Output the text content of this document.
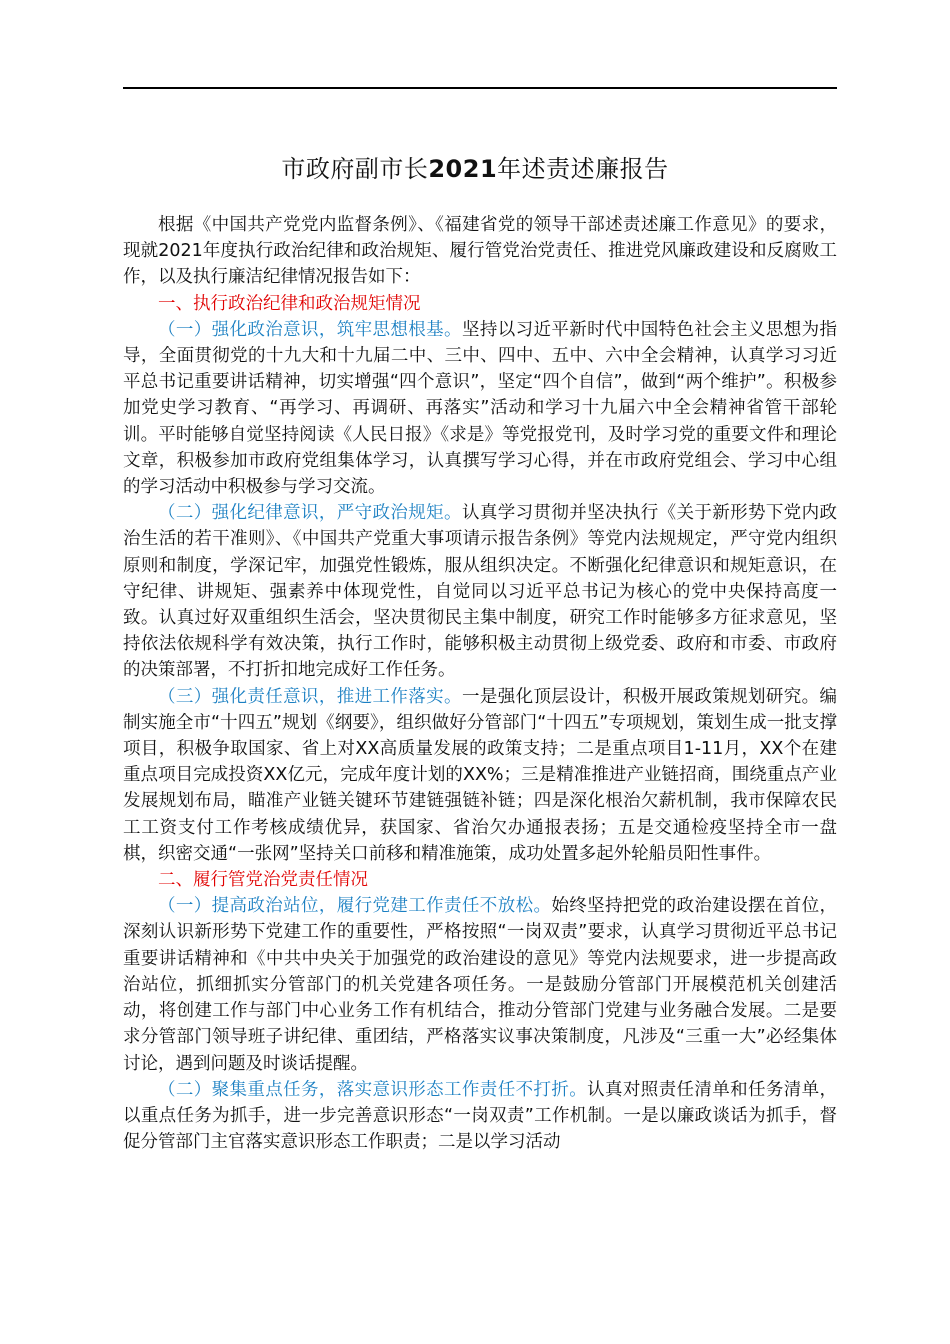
市政府副市长2021年述责述廉报告

根据《中国共产党党内监督条例》、《福建省党的领导干部述责述廉工作意见》的要求，现就2021年度执行政治纪律和政治规矩、履行管党治党责任、推进党风廉政建设和反腐败工作，以及执行廉洁纪律情况报告如下：

一、执行政治纪律和政治规矩情况

（一）强化政治意识，筑牢思想根基。坚持以习近平新时代中国特色社会主义思想为指导，全面贯彻党的十九大和十九届二中、三中、四中、五中、六中全会精神，认真学习习近平总书记重要讲话精神，切实增强“四个意识”，坚定“四个自信”，做到“两个维护”。积极参加党史学习教育、“再学习、再调研、再落实”活动和学习十九届六中全会精神省管干部轮训。平时能够自觉坚持阅读《人民日报》《求是》等党报党刊，及时学习党的重要文件和理论文章，积极参加市政府党组集体学习，认真撰写学习心得，并在市政府党组会、学习中心组的学习活动中积极参与学习交流。

（二）强化纪律意识，严守政治规矩。认真学习贯彻并坚决执行《关于新形势下党内政治生活的若干准则》、《中国共产党重大事项请示报告条例》等党内法规规定，严守党内组织原则和制度，学深记牢，加强党性锻炼，服从组织决定。不断强化纪律意识和规矩意识，在守纪律、讲规矩、强素养中体现党性，自觉同以习近平总书记为核心的党中央保持高度一致。认真过好双重组织生活会，坚决贯彻民主集中制度，研究工作时能够多方征求意见，坚持依法依规科学有效决策，执行工作时，能够积极主动贯彻上级党委、政府和市委、市政府的决策部署，不打折扣地完成好工作任务。

（三）强化责任意识，推进工作落实。一是强化顶层设计，积极开展政策规划研究。编制实施全市“十四五”规划《纲要》，组织做好分管部门“十四五”专项规划，策划生成一批支撑项目，积极争取国家、省上对XX高质量发展的政策支持；二是重点项目1-11月，XX个在建重点项目完成投资XX亿元，完成年度计划的XX%；三是精准推进产业链招商，围绕重点产业发展规划布局，瞄准产业链关键环节建链强链补链；四是深化根治欠薪机制，我市保障农民工工资支付工作考核成绩优异，获国家、省治欠办通报表扬；五是交通检疫坚持全市一盘棋，织密交通“一张网”坚持关口前移和精准施策，成功处置多起外轮船员阳性事件。

二、履行管党治党责任情况

（一）提高政治站位，履行党建工作责任不放松。始终坚持把党的政治建设摆在首位，深刻认识新形势下党建工作的重要性，严格按照“一岗双责”要求，认真学习贯彻近平总书记重要讲话精神和《中共中央关于加强党的政治建设的意见》等党内法规要求，进一步提高政治站位，抓细抓实分管部门的机关党建各项任务。一是鼓励分管部门开展模范机关创建活动，将创建工作与部门中心业务工作有机结合，推动分管部门党建与业务融合发展。二是要求分管部门领导班子讲纪律、重团结，严格落实议事决策制度，凡涉及“三重一大”必经集体讨论，遇到问题及时谈话提醒。

（二）聚集重点任务，落实意识形态工作责任不打折。认真对照责任清单和任务清单，以重点任务为抓手，进一步完善意识形态“一岗双责”工作机制。一是以廉政谈话为抓手，督促分管部门主官落实意识形态工作职责；二是以学习活动
